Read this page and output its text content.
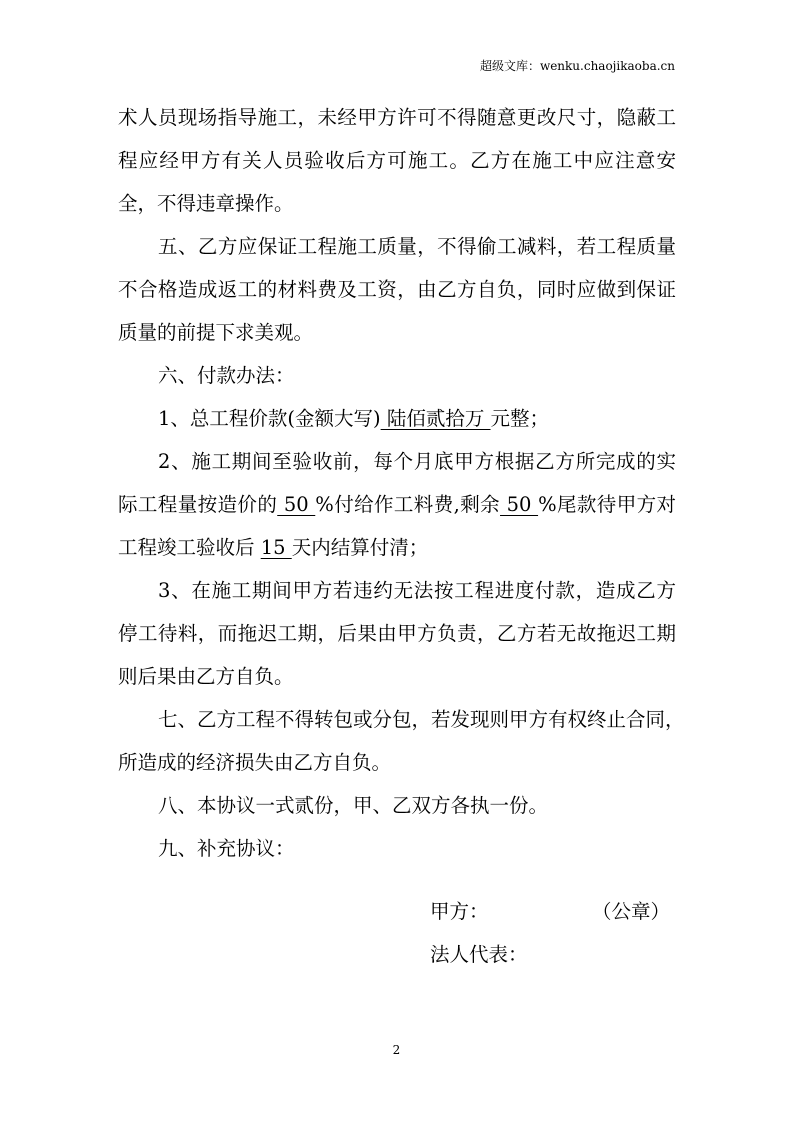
超级文库：wenku.chaojikaoba.cn
术人员现场指导施工，未经甲方许可不得随意更改尺寸，隐蔽工
程应经甲方有关人员验收后方可施工。乙方在施工中应注意安
全，不得违章操作。
五、乙方应保证工程施工质量，不得偷工减料，若工程质量
不合格造成返工的材料费及工资，由乙方自负，同时应做到保证
质量的前提下求美观。
六、付款办法：
1、总工程价款(金额大写) 陆佰贰拾万 元整；
2、施工期间至验收前，每个月底甲方根据乙方所完成的实
际工程量按造价的 50 %付给作工料费,剩余 50 %尾款待甲方对
工程竣工验收后 15 天内结算付清；
3、在施工期间甲方若违约无法按工程进度付款，造成乙方
停工待料，而拖迟工期，后果由甲方负责，乙方若无故拖迟工期
则后果由乙方自负。
七、乙方工程不得转包或分包，若发现则甲方有权终止合同，
所造成的经济损失由乙方自负。
八、本协议一式贰份，甲、乙双方各执一份。
九、补充协议：
甲方：	（公章）
法人代表：
2
